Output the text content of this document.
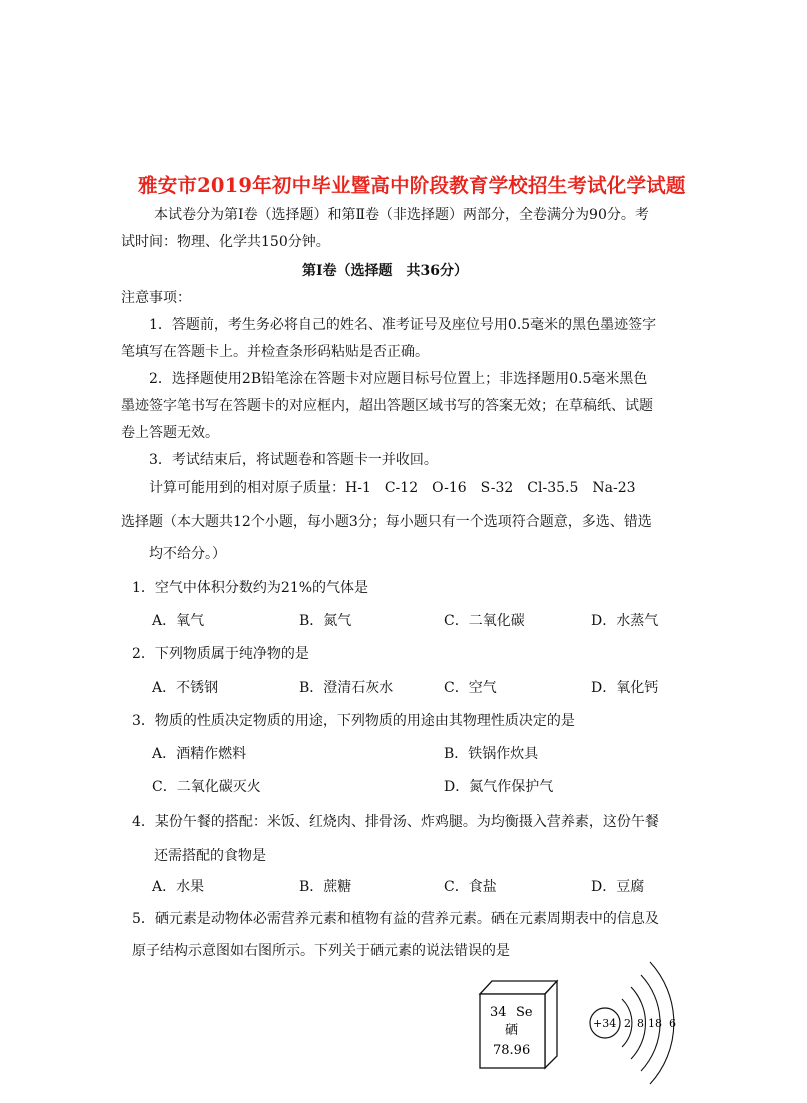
雅安市2019年初中毕业暨高中阶段教育学校招生考试化学试题
本试卷分为第Ⅰ卷（选择题）和第Ⅱ卷（非选择题）两部分，全卷满分为90分。考
试时间：物理、化学共150分钟。
第Ⅰ卷（选择题　共36分）
注意事项：
1．答题前，考生务必将自己的姓名、准考证号及座位号用0.5毫米的黑色墨迹签字
笔填写在答题卡上。并检查条形码粘贴是否正确。
2．选择题使用2B铅笔涂在答题卡对应题目标号位置上；非选择题用0.5毫米黑色
墨迹签字笔书写在答题卡的对应框内，超出答题区域书写的答案无效；在草稿纸、试题
卷上答题无效。
3．考试结束后，将试题卷和答题卡一并收回。
计算可能用到的相对原子质量：H-1　C-12　O-16　S-32　Cl-35.5　Na-23
选择题（本大题共12个小题，每小题3分；每小题只有一个选项符合题意，多选、错选
均不给分。）
1．空气中体积分数约为21%的气体是
A．氧气	B．氮气	C．二氧化碳	D．水蒸气
2．下列物质属于纯净物的是
A．不锈钢	B．澄清石灰水	C．空气	D．氧化钙
3．物质的性质决定物质的用途，下列物质的用途由其物理性质决定的是
A．酒精作燃料	B．铁锅作炊具
C．二氧化碳灭火	D．氮气作保护气
4．某份午餐的搭配：米饭、红烧肉、排骨汤、炸鸡腿。为均衡摄入营养素，这份午餐
还需搭配的食物是
A．水果	B．蔗糖	C．食盐	D．豆腐
5．硒元素是动物体必需营养元素和植物有益的营养元素。硒在元素周期表中的信息及
原子结构示意图如右图所示。下列关于硒元素的说法错误的是
34 Se
硒
78.96
+34 2 8 18 6
